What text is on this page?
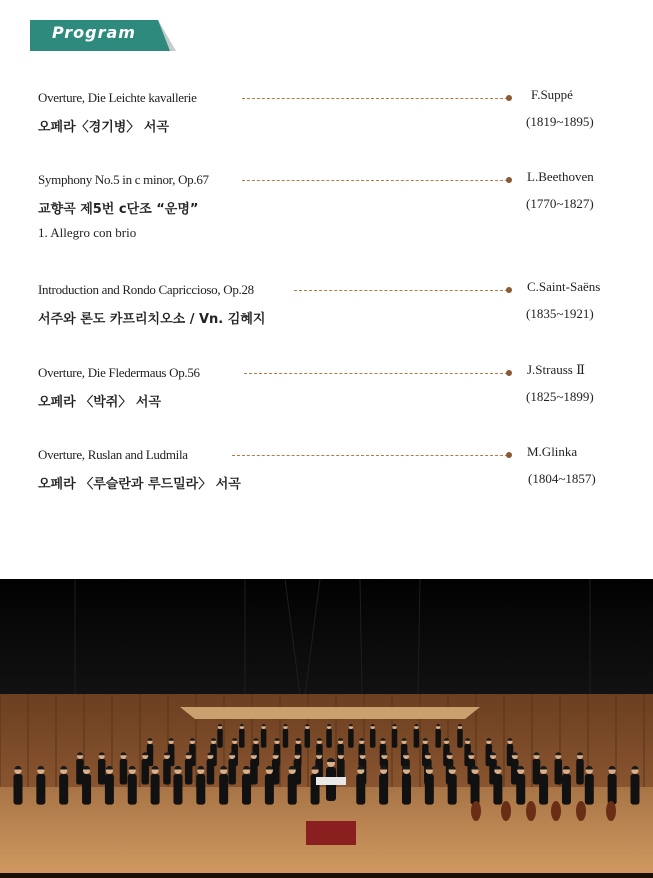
Program
Overture, Die Leichte kavallerie
오페라〈경기병〉 서곡
F.Suppé
(1819~1895)
Symphony No.5 in c minor, Op.67
교향곡 제5번 c단조 “운명”
1. Allegro con brio
L.Beethoven
(1770~1827)
Introduction and Rondo Capriccioso, Op.28
서주와 론도 카프리치오소 / Vn. 김혜지
C.Saint-Saëns
(1835~1921)
Overture, Die Fledermaus Op.56
오페라 〈박쥐〉 서곡
J.Strauss Ⅱ
(1825~1899)
Overture, Ruslan and Ludmila
오페라 〈루슬란과 루드밀라〉 서곡
M.Glinka
(1804~1857)
